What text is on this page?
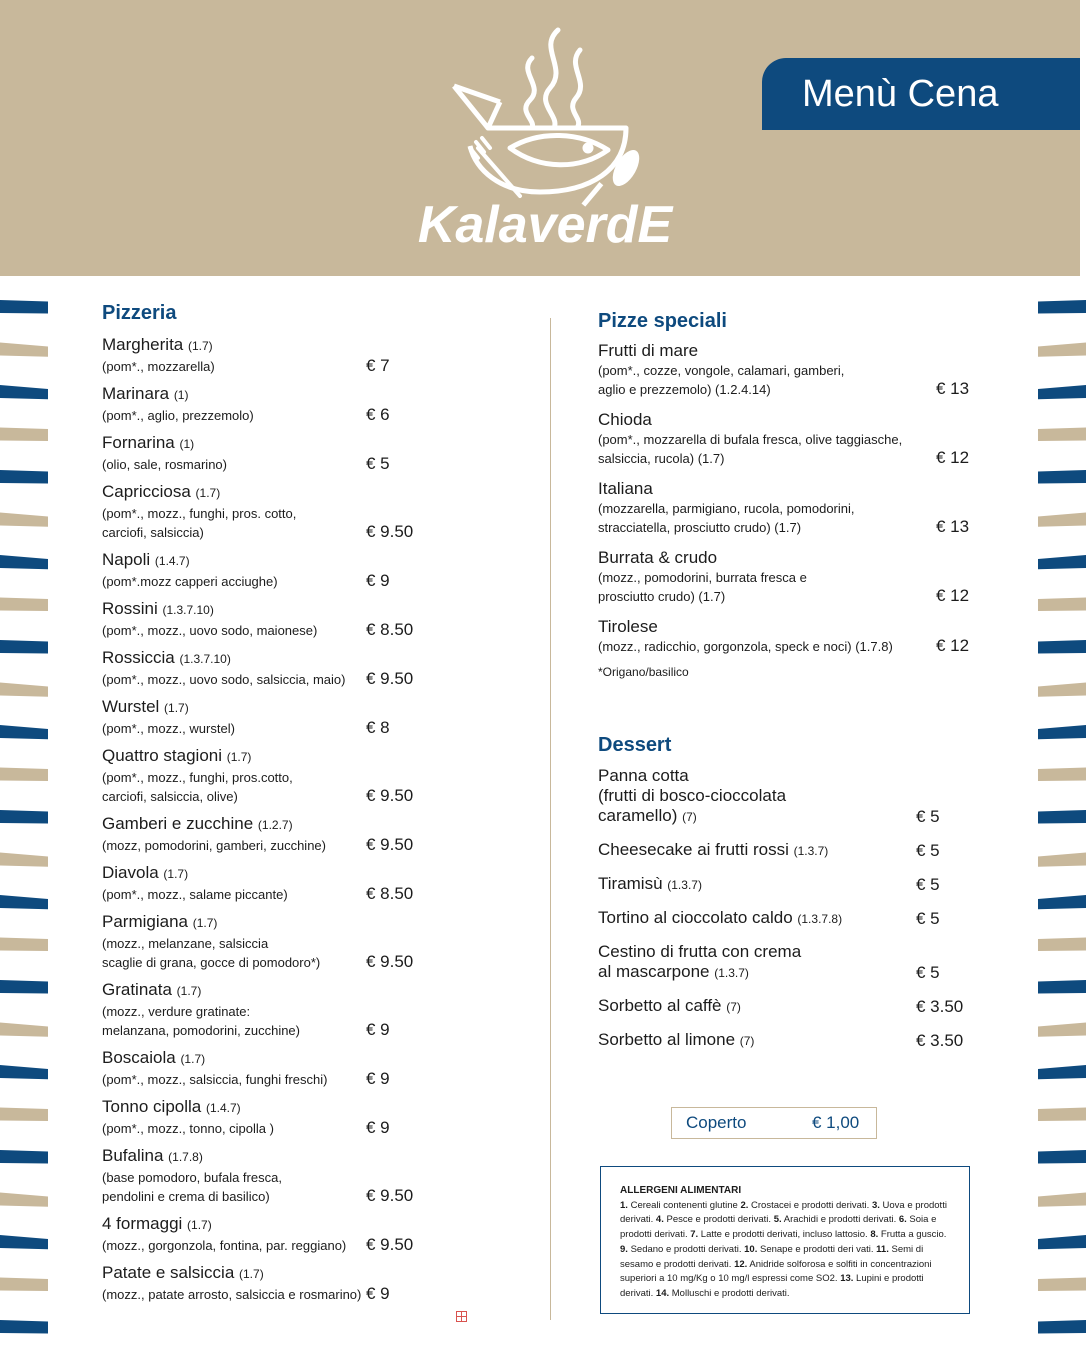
KalaverdE
Menù Cena
Pizzeria
Margherita (1.7)
(pom*., mozzarella)	€ 7
Marinara (1)
(pom*., aglio, prezzemolo)	€ 6
Fornarina (1)
(olio, sale, rosmarino)	€ 5
Capricciosa (1.7)
(pom*., mozz., funghi, pros. cotto,
carciofi, salsiccia)	€ 9.50
Napoli (1.4.7)
(pom*.mozz capperi acciughe)	€ 9
Rossini (1.3.7.10)
(pom*., mozz., uovo sodo, maionese)	€ 8.50
Rossiccia (1.3.7.10)
(pom*., mozz., uovo sodo, salsiccia, maio)	€ 9.50
Wurstel (1.7)
(pom*., mozz., wurstel)	€ 8
Quattro stagioni (1.7)
(pom*., mozz., funghi, pros.cotto,
carciofi, salsiccia, olive)	€ 9.50
Gamberi e zucchine (1.2.7)
(mozz, pomodorini, gamberi, zucchine)	€ 9.50
Diavola (1.7)
(pom*., mozz., salame piccante)	€ 8.50
Parmigiana (1.7)
(mozz., melanzane, salsiccia
scaglie di grana, gocce di pomodoro*)	€ 9.50
Gratinata (1.7)
(mozz., verdure gratinate:
melanzana, pomodorini, zucchine)	€ 9
Boscaiola (1.7)
(pom*., mozz., salsiccia, funghi freschi)	€ 9
Tonno cipolla (1.4.7)
(pom*., mozz., tonno, cipolla )	€ 9
Bufalina (1.7.8)
(base pomodoro, bufala fresca,
pendolini e crema di basilico)	€ 9.50
4 formaggi (1.7)
(mozz., gorgonzola, fontina, par. reggiano)	€ 9.50
Patate e salsiccia (1.7)
(mozz., patate arrosto, salsiccia e rosmarino) € 9
Pizze speciali
Frutti di mare
(pom*., cozze, vongole, calamari, gamberi,
aglio e prezzemolo) (1.2.4.14)	€ 13
Chioda
(pom*., mozzarella di bufala fresca, olive taggiasche,
salsiccia, rucola) (1.7)	€ 12
Italiana
(mozzarella, parmigiano, rucola, pomodorini,
stracciatella, prosciutto crudo) (1.7)	€ 13
Burrata & crudo
(mozz., pomodorini, burrata fresca e
prosciutto crudo) (1.7)	€ 12
Tirolese
(mozz., radicchio, gorgonzola, speck e noci) (1.7.8)	€ 12
*Origano/basilico
Dessert
Panna cotta
(frutti di bosco-cioccolata
caramello) (7)	€ 5
Cheesecake ai frutti rossi (1.3.7)	€ 5
Tiramisù (1.3.7)	€ 5
Tortino al cioccolato caldo (1.3.7.8)	€ 5
Cestino di frutta con crema
al mascarpone (1.3.7)	€ 5
Sorbetto al caffè (7)	€ 3.50
Sorbetto al limone (7)	€ 3.50
Coperto	€ 1,00
ALLERGENI ALIMENTARI

1. Cereali contenenti glutine 2. Crostacei e prodotti derivati. 3. Uova e prodotti derivati. 4. Pesce e prodotti derivati. 5. Arachidi e prodotti derivati. 6. Soia e prodotti derivati. 7. Latte e prodotti derivati, incluso lattosio. 8. Frutta a guscio. 9. Sedano e prodotti derivati. 10. Senape e prodotti deri vati. 11. Semi di sesamo e prodotti derivati. 12. Anidride solforosa e solfiti in concentrazioni superiori a 10 mg/Kg o 10 mg/l espressi come SO2. 13. Lupini e prodotti derivati. 14. Molluschi e prodotti derivati.
